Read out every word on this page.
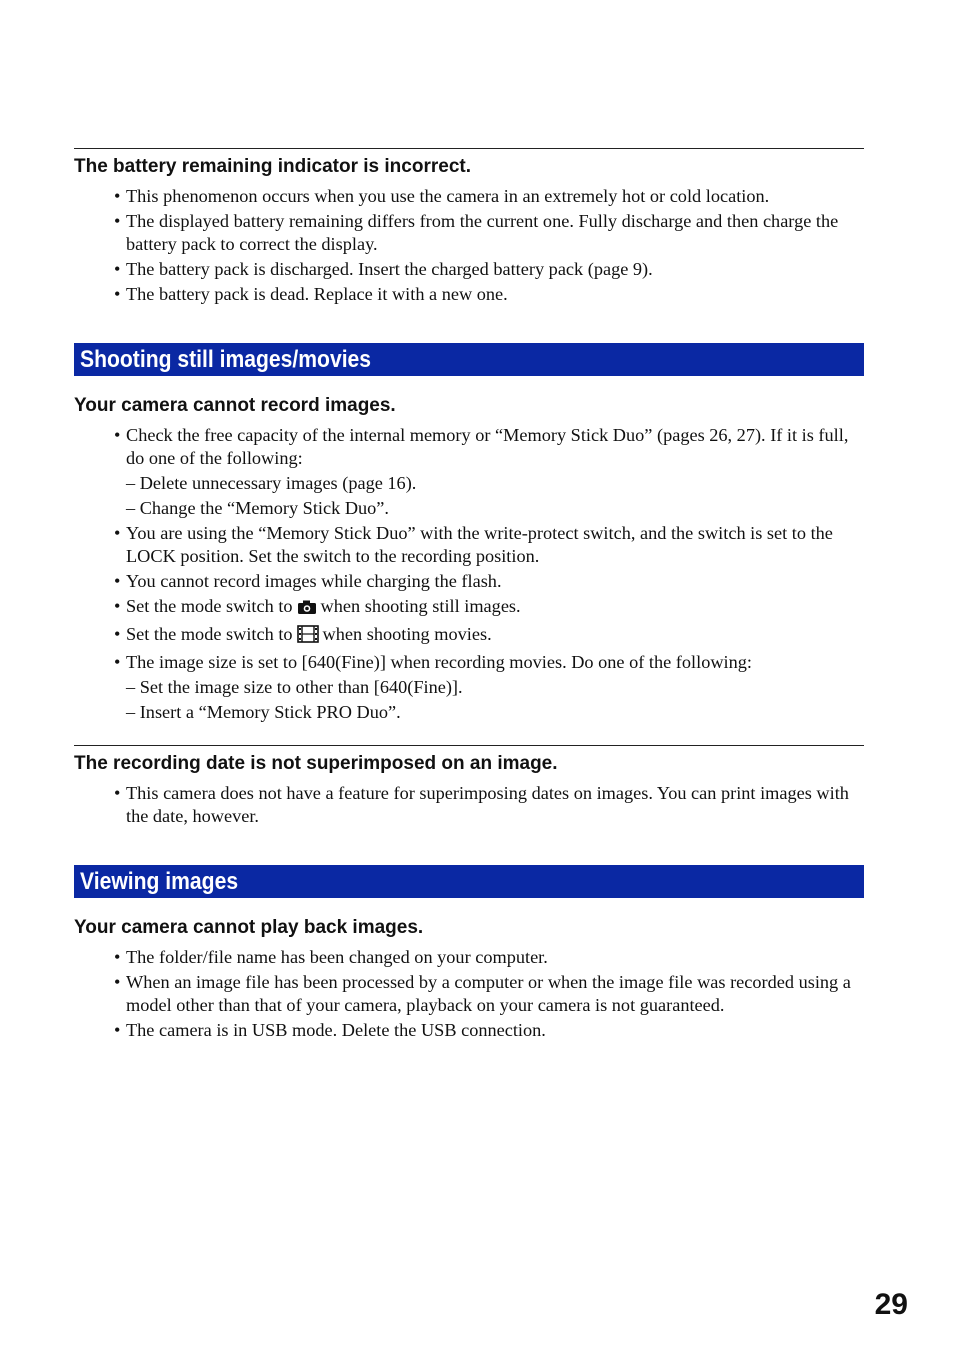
The battery remaining indicator is incorrect.

• This phenomenon occurs when you use the camera in an extremely hot or cold location.
• The displayed battery remaining differs from the current one. Fully discharge and then charge the battery pack to correct the display.
• The battery pack is discharged. Insert the charged battery pack (page 9).
• The battery pack is dead. Replace it with a new one.
Shooting still images/movies

Your camera cannot record images.

• Check the free capacity of the internal memory or “Memory Stick Duo” (pages 26, 27). If it is full, do one of the following:
– Delete unnecessary images (page 16).
– Change the “Memory Stick Duo”.
• You are using the “Memory Stick Duo” with the write-protect switch, and the switch is set to the LOCK position. Set the switch to the recording position.
• You cannot record images while charging the flash.
• Set the mode switch to when shooting still images.
• Set the mode switch to when shooting movies.
• The image size is set to [640(Fine)] when recording movies. Do one of the following:
– Set the image size to other than [640(Fine)].
– Insert a “Memory Stick PRO Duo”.

The recording date is not superimposed on an image.

• This camera does not have a feature for superimposing dates on images. You can print images with the date, however.
Viewing images

Your camera cannot play back images.

• The folder/file name has been changed on your computer.
• When an image file has been processed by a computer or when the image file was recorded using a model other than that of your camera, playback on your camera is not guaranteed.
• The camera is in USB mode. Delete the USB connection.
29
